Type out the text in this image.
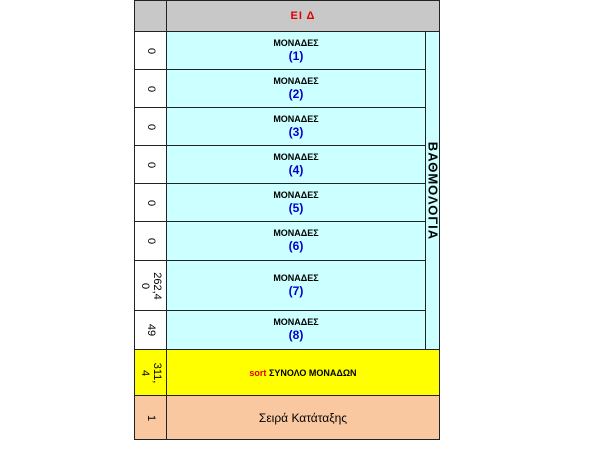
ΕΙ Δ
0
ΜΟΝΑΔΕΣ
(1)
0
ΜΟΝΑΔΕΣ
(2)
0
ΜΟΝΑΔΕΣ
(3)
0
ΜΟΝΑΔΕΣ
(4)
0
ΜΟΝΑΔΕΣ
(5)
0
ΜΟΝΑΔΕΣ
(6)
262,4
0
ΜΟΝΑΔΕΣ
(7)
49
ΜΟΝΑΔΕΣ
(8)
ΒΑΘΜΟΛΟΓΙΑ
311,
4	sort ΣΥΝΟΛΟ ΜΟΝΑΔΩΝ
1	Σειρά Κατάταξης
